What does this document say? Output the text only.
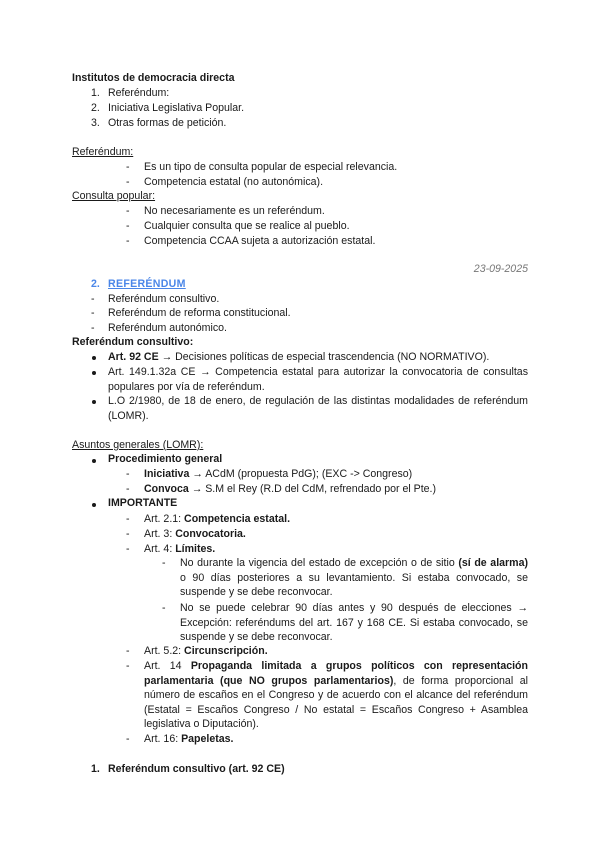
Institutos de democracia directa
1. Referéndum:
2. Iniciativa Legislativa Popular.
3. Otras formas de petición.
Referéndum:
- Es un tipo de consulta popular de especial relevancia.
- Competencia estatal (no autonómica).
Consulta popular:
- No necesariamente es un referéndum.
- Cualquier consulta que se realice al pueblo.
- Competencia CCAA sujeta a autorización estatal.
23-09-2025
2. REFERÉNDUM
- Referéndum consultivo.
- Referéndum de reforma constitucional.
- Referéndum autonómico.
Referéndum consultivo:
Art. 92 CE → Decisiones políticas de especial trascendencia (NO NORMATIVO).
Art. 149.1.32a CE → Competencia estatal para autorizar la convocatoria de consultas populares por vía de referéndum.
L.O 2/1980, de 18 de enero, de regulación de las distintas modalidades de referéndum (LOMR).
Asuntos generales (LOMR):
Procedimiento general
- Iniciativa → ACdM (propuesta PdG); (EXC -> Congreso)
- Convoca → S.M el Rey (R.D del CdM, refrendado por el Pte.)
IMPORTANTE
- Art. 2.1: Competencia estatal.
- Art. 3: Convocatoria.
- Art. 4: Límites.
- No durante la vigencia del estado de excepción o de sitio (sí de alarma) o 90 días posteriores a su levantamiento. Si estaba convocado, se suspende y se debe reconvocar.
- No se puede celebrar 90 días antes y 90 después de elecciones → Excepción: referéndums del art. 167 y 168 CE. Si estaba convocado, se suspende y se debe reconvocar.
- Art. 5.2: Circunscripción.
- Art. 14 Propaganda limitada a grupos políticos con representación parlamentaria (que NO grupos parlamentarios), de forma proporcional al número de escaños en el Congreso y de acuerdo con el alcance del referéndum (Estatal = Escaños Congreso / No estatal = Escaños Congreso + Asamblea legislativa o Diputación).
- Art. 16: Papeletas.
1. Referéndum consultivo (art. 92 CE)
